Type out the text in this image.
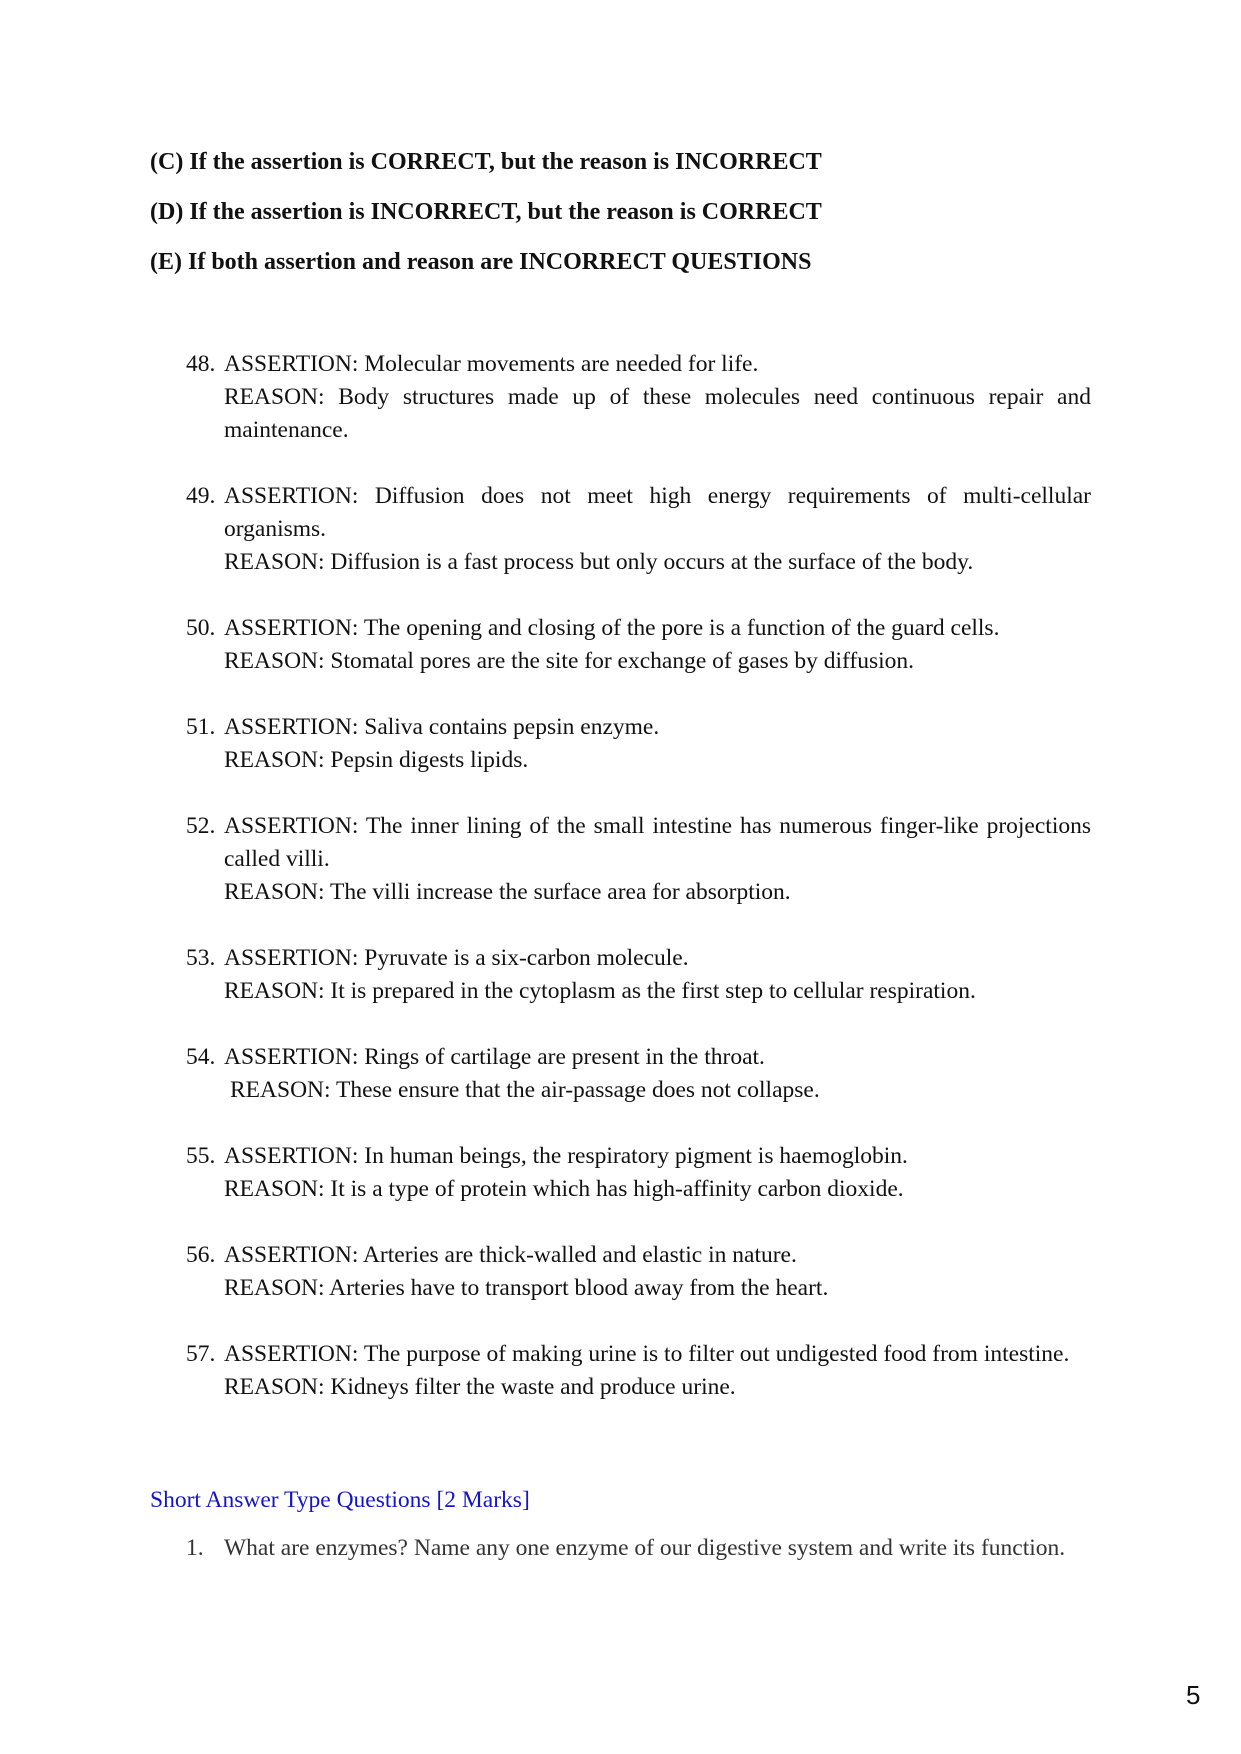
(C) If the assertion is CORRECT, but the reason is INCORRECT
(D) If the assertion is INCORRECT, but the reason is CORRECT
(E) If both assertion and reason are INCORRECT QUESTIONS
48. ASSERTION: Molecular movements are needed for life.
REASON: Body structures made up of these molecules need continuous repair and maintenance.
49. ASSERTION: Diffusion does not meet high energy requirements of multi-cellular organisms.
REASON: Diffusion is a fast process but only occurs at the surface of the body.
50. ASSERTION: The opening and closing of the pore is a function of the guard cells.
REASON: Stomatal pores are the site for exchange of gases by diffusion.
51. ASSERTION: Saliva contains pepsin enzyme.
REASON: Pepsin digests lipids.
52. ASSERTION: The inner lining of the small intestine has numerous finger-like projections called villi.
REASON: The villi increase the surface area for absorption.
53. ASSERTION: Pyruvate is a six-carbon molecule.
REASON: It is prepared in the cytoplasm as the first step to cellular respiration.
54. ASSERTION: Rings of cartilage are present in the throat.
REASON: These ensure that the air-passage does not collapse.
55. ASSERTION: In human beings, the respiratory pigment is haemoglobin.
REASON: It is a type of protein which has high-affinity carbon dioxide.
56. ASSERTION: Arteries are thick-walled and elastic in nature.
REASON: Arteries have to transport blood away from the heart.
57. ASSERTION: The purpose of making urine is to filter out undigested food from intestine.
REASON: Kidneys filter the waste and produce urine.
Short Answer Type Questions [2 Marks]
1. What are enzymes? Name any one enzyme of our digestive system and write its function.
5
